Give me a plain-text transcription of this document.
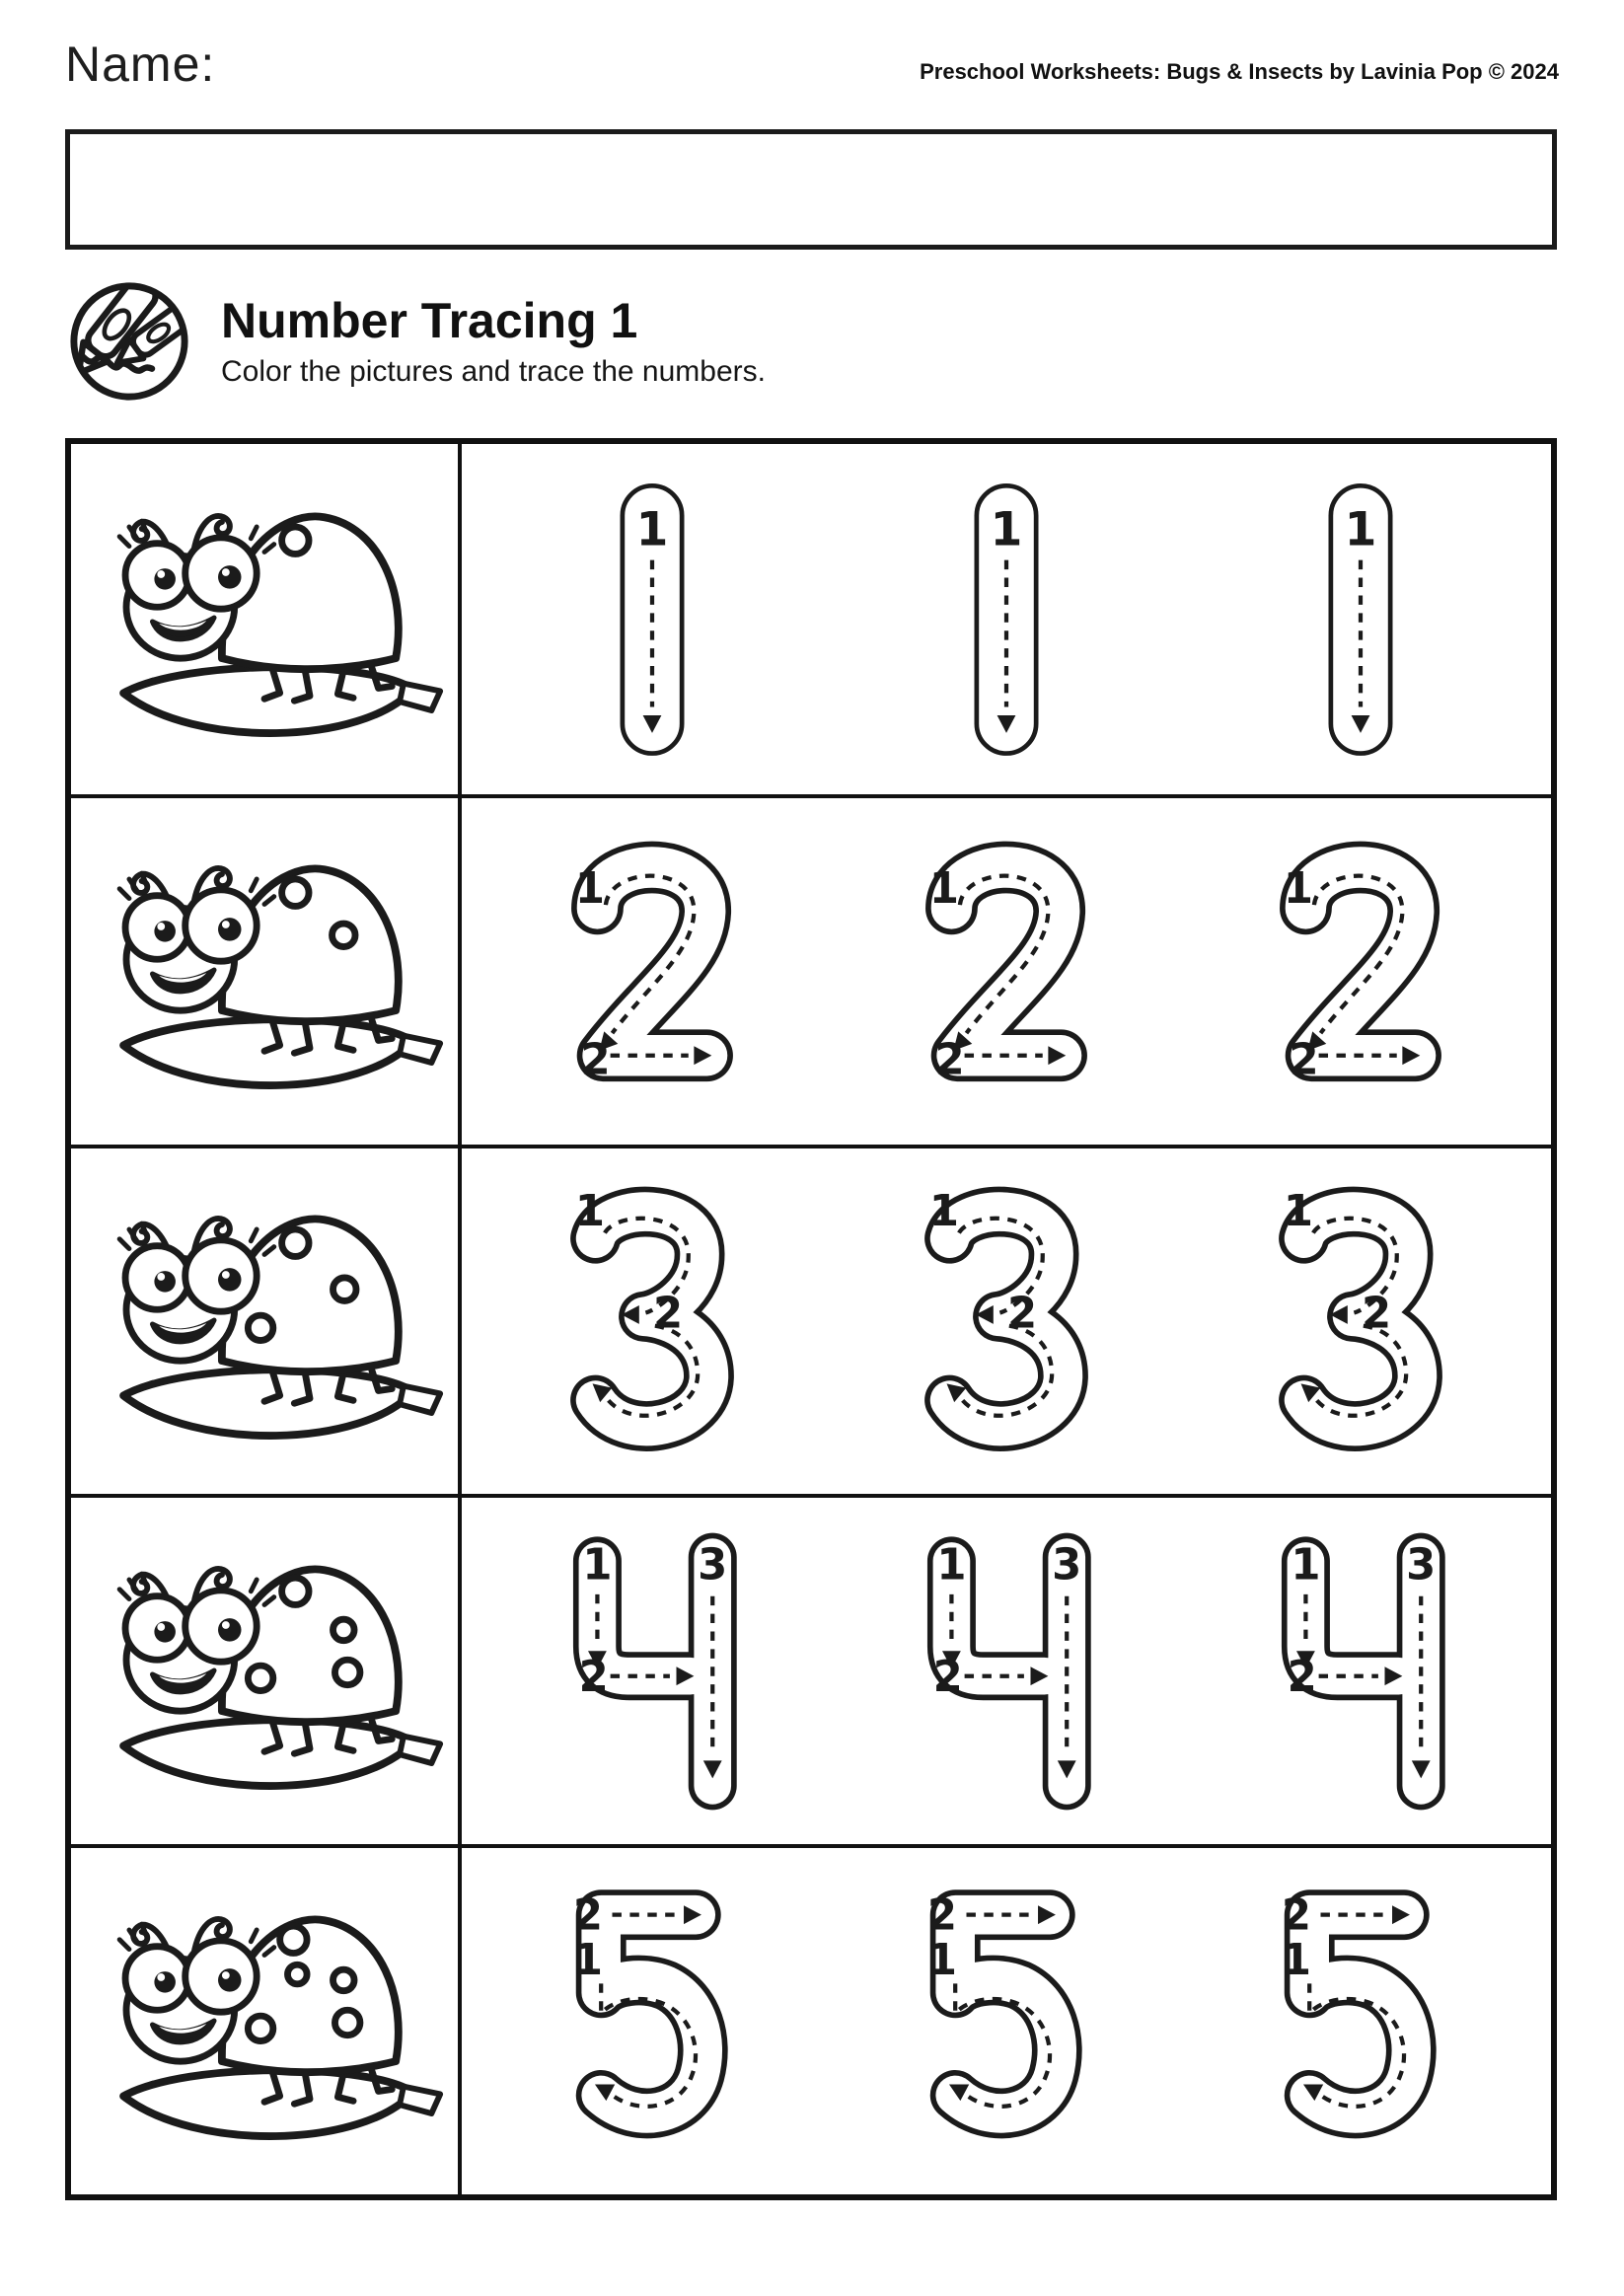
Name:	Preschool Worksheets: Bugs & Insects by Lavinia Pop © 2024
Number Tracing 1

Color the pictures and trace the numbers.
